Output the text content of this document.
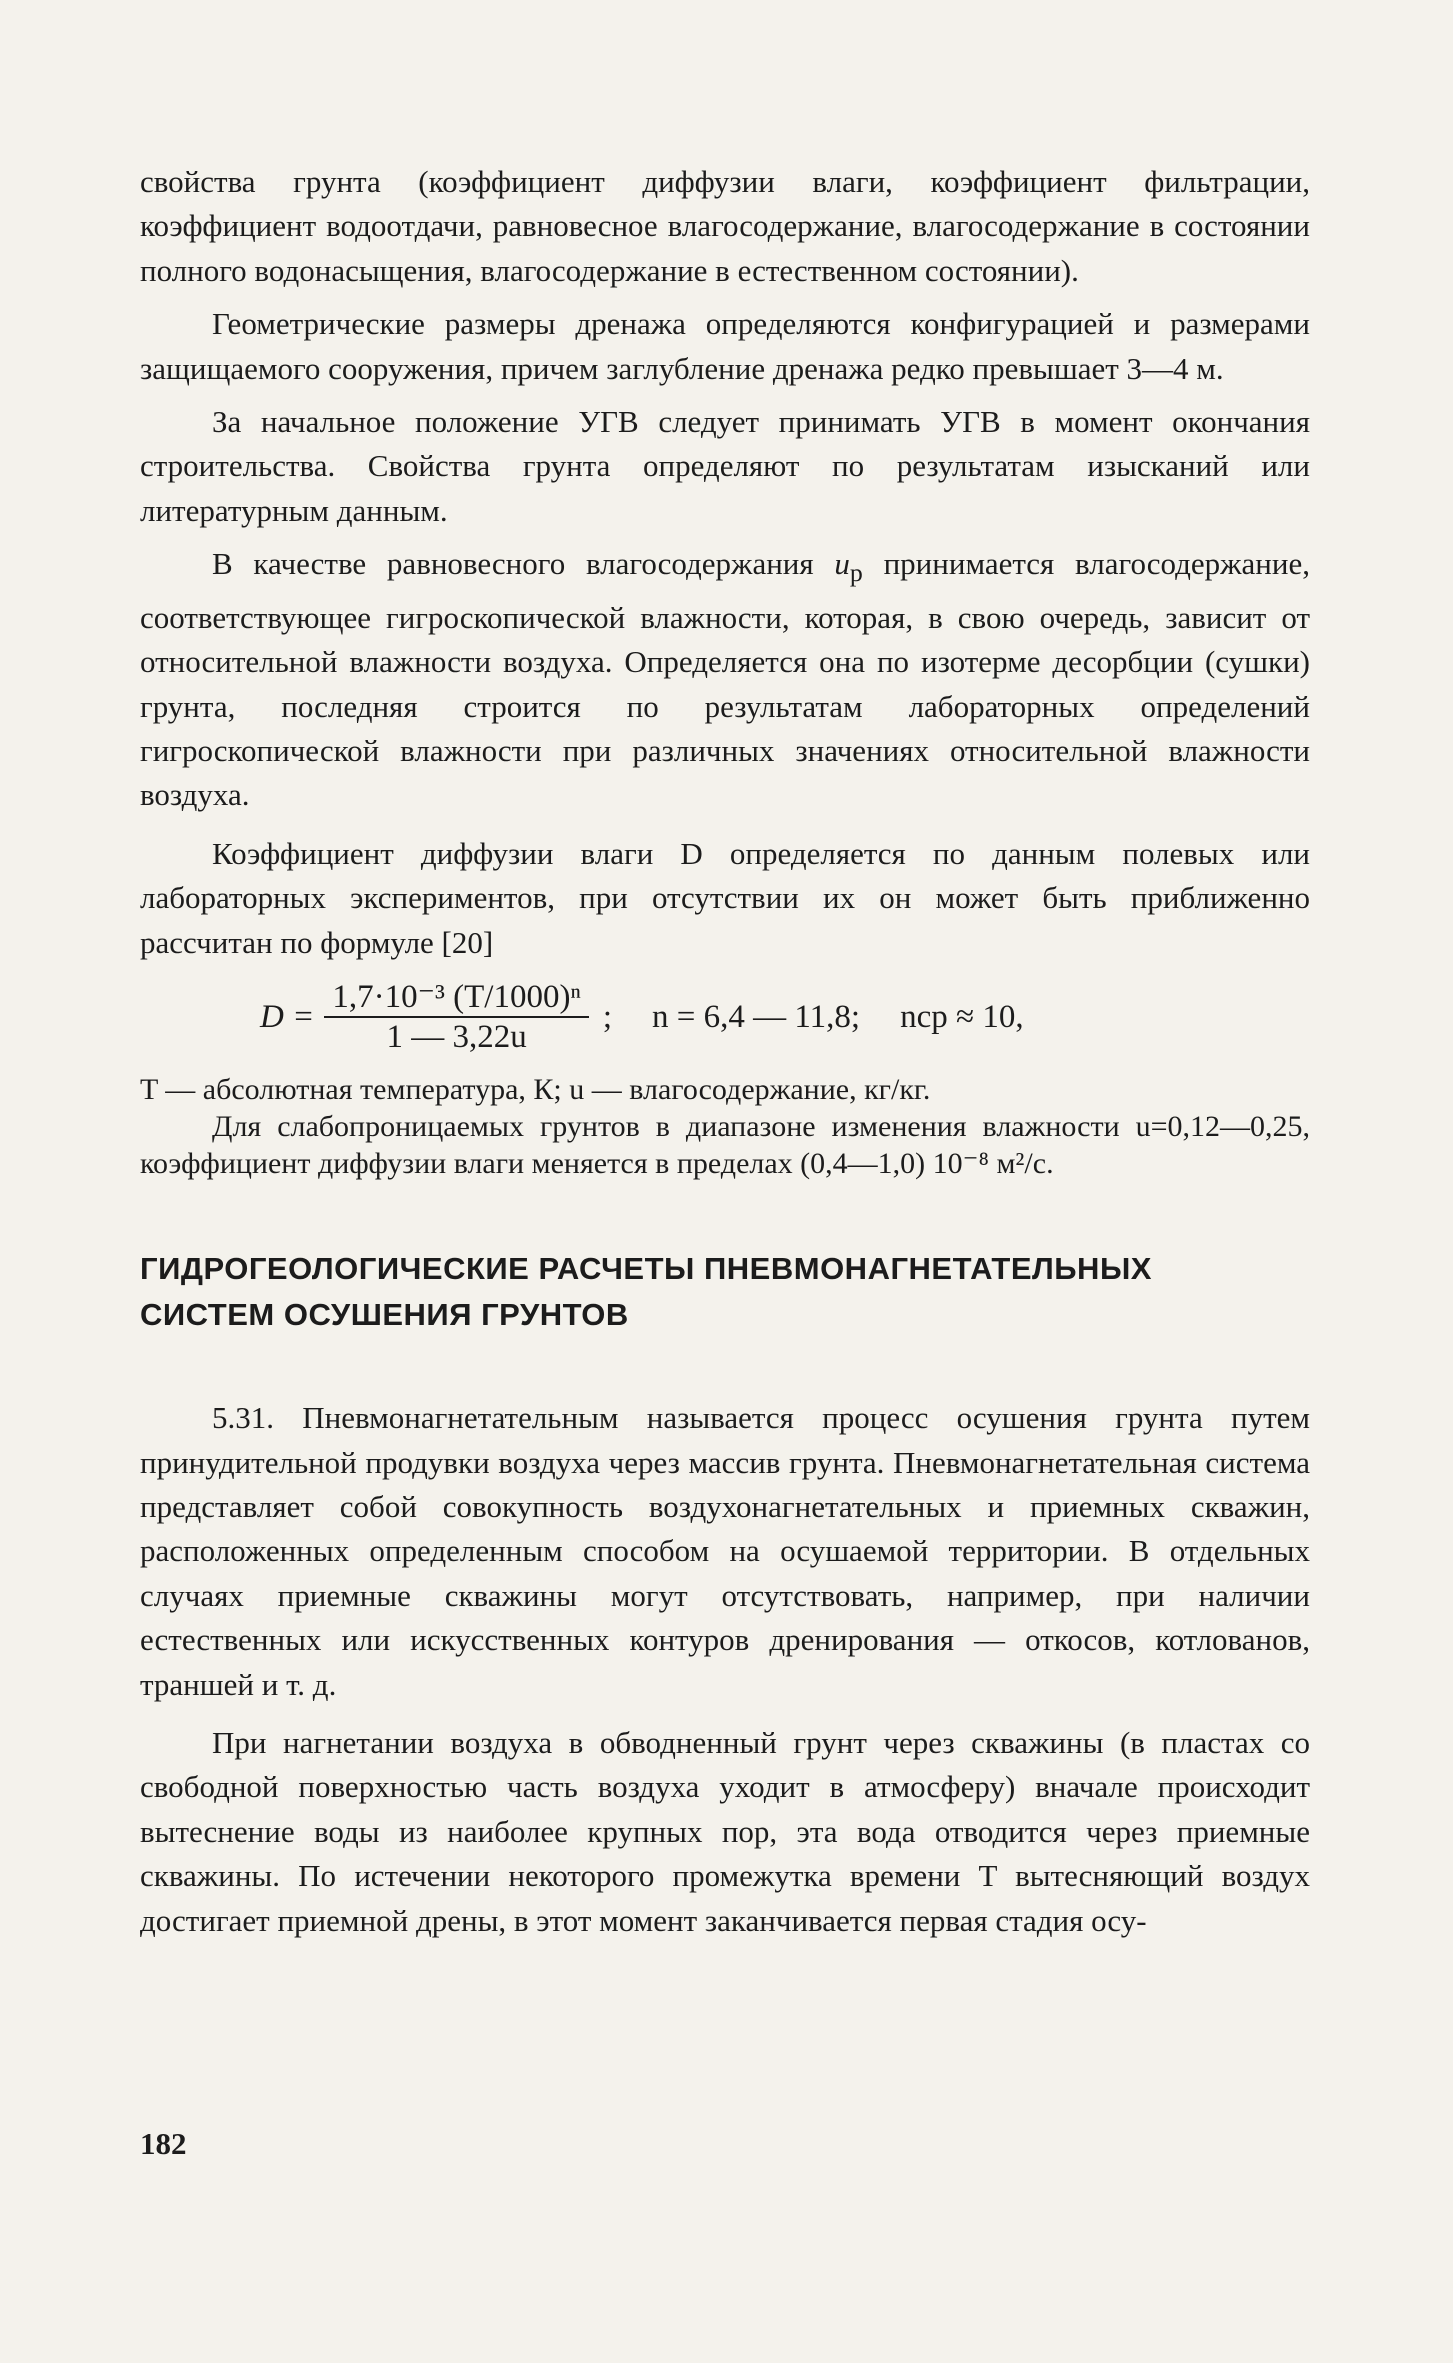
свойства грунта (коэффициент диффузии влаги, коэффициент фильтрации, коэффициент водоотдачи, равновесное влагосодержание, влагосодержание в состоянии полного водонасыщения, влагосодержание в естественном состоянии).

Геометрические размеры дренажа определяются конфигурацией и размерами защищаемого сооружения, причем заглубление дренажа редко превышает 3—4 м.

За начальное положение УГВ следует принимать УГВ в момент окончания строительства. Свойства грунта определяют по результатам изысканий или литературным данным.

В качестве равновесного влагосодержания $u_p$ принимается влагосодержание, соответствующее гигроскопической влажности, которая, в свою очередь, зависит от относительной влажности воздуха. Определяется она по изотерме десорбции (сушки) грунта, последняя строится по результатам лабораторных определений гигроскопической влажности при различных значениях относительной влажности воздуха.

Коэффициент диффузии влаги D определяется по данным полевых или лабораторных экспериментов, при отсутствии их он может быть приближенно рассчитан по формуле [20]

$D = \frac{\text{1,7·10⁻³ (T/1000)ⁿ}}{1 — 3,22u}$ ; n = 6,4 — 11,8; nср ≈ 10,

T — абсолютная температура, К; u — влагосодержание, кг/кг.

Для слабопроницаемых грунтов в диапазоне изменения влажности u=0,12—0,25, коэффициент диффузии влаги меняется в пределах (0,4—1,0) 10⁻⁸ м²/с.

ГИДРОГЕОЛОГИЧЕСКИЕ РАСЧЕТЫ ПНЕВМОНАГНЕТАТЕЛЬНЫХ
СИСТЕМ ОСУШЕНИЯ ГРУНТОВ

5.31. Пневмонагнетательным называется процесс осушения грунта путем принудительной продувки воздуха через массив грунта. Пневмонагнетательная система представляет собой совокупность воздухонагнетательных и приемных скважин, расположенных определенным способом на осушаемой территории. В отдельных случаях приемные скважины могут отсутствовать, например, при наличии естественных или искусственных контуров дренирования — откосов, котлованов, траншей и т. д.

При нагнетании воздуха в обводненный грунт через скважины (в пластах со свободной поверхностью часть воздуха уходит в атмосферу) вначале происходит вытеснение воды из наиболее крупных пор, эта вода отводится через приемные скважины. По истечении некоторого промежутка времени T вытесняющий воздух достигает приемной дрены, в этот момент заканчивается первая стадия осу-

182
